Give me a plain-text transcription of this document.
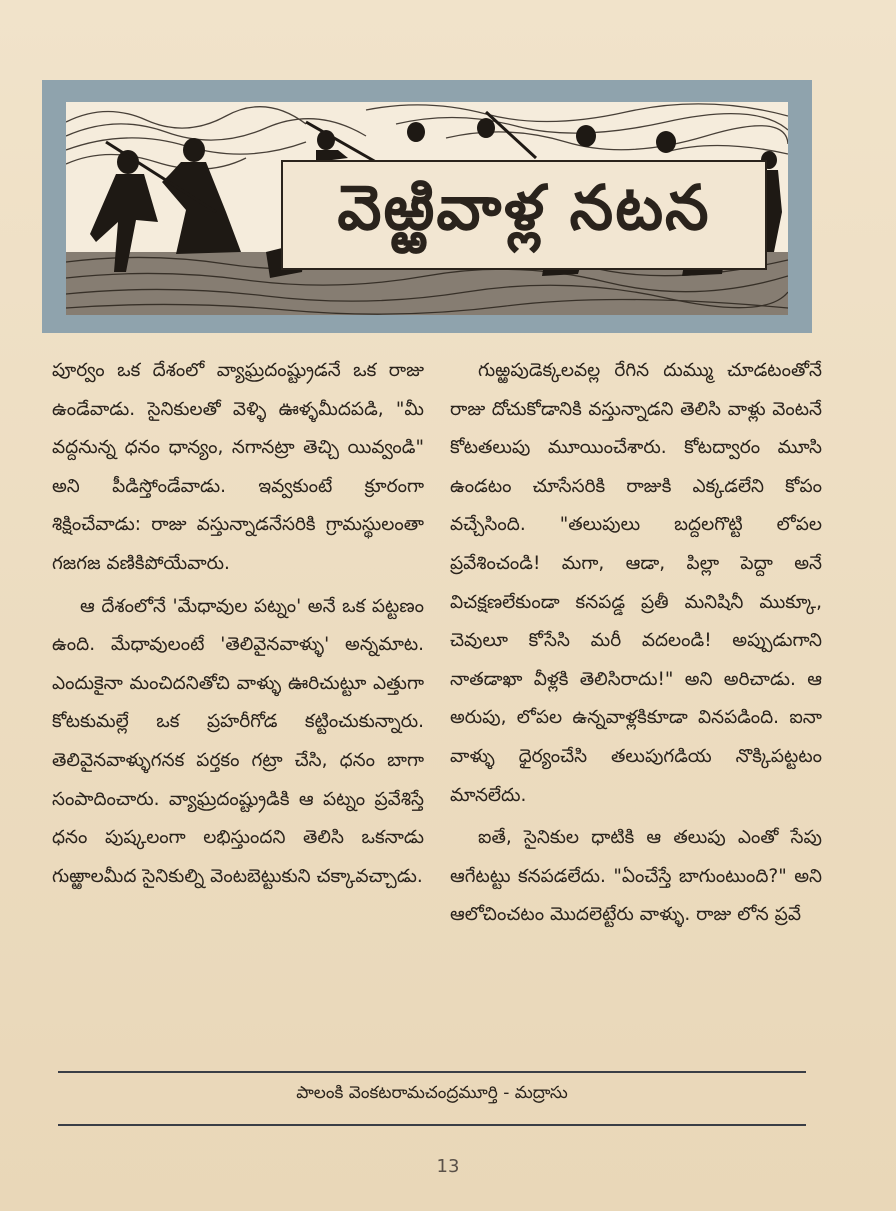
వెఱ్ఱివాళ్ల నటన

పూర్వం ఒక దేశంలో వ్యాఘ్రదంష్ట్రుడనే ఒక రాజు ఉండేవాడు. సైనికులతో వెళ్ళి ఊళ్ళమీదపడి, "మీ వద్దనున్న ధనం ధాన్యం, నగానట్రా తెచ్చి యివ్వండి" అని పీడిస్తోండేవాడు. ఇవ్వకుంటే క్రూరంగా శిక్షించేవాడు: రాజు వస్తున్నాడనేసరికి గ్రామస్థులంతా గజగజ వణికిపోయేవారు.

ఆ దేశంలోనే 'మేధావుల పట్నం' అనే ఒక పట్టణం ఉంది. మేధావులంటే 'తెలివైనవాళ్ళు' అన్నమాట. ఎందుకైనా మంచిదనితోచి వాళ్ళు ఊరిచుట్టూ ఎత్తుగా కోటకుమల్లే ఒక ప్రహరీగోడ కట్టించుకున్నారు. తెలివైనవాళ్ళుగనక పర్తకం గట్రా చేసి, ధనం బాగా సంపాదించారు. వ్యాఘ్రదంష్ట్రుడికి ఆ పట్నం ప్రవేశిస్తే ధనం పుష్కలంగా లభిస్తుందని తెలిసి ఒకనాడు గుఱ్ఱాలమీద సైనికుల్ని వెంటబెట్టుకుని చక్కావచ్చాడు.

గుఱ్ఱపుడెక్కలవల్ల రేగిన దుమ్ము చూడటంతోనే రాజు దోచుకోడానికి వస్తున్నాడని తెలిసి వాళ్లు వెంటనే కోటతలుపు మూయించేశారు. కోటద్వారం మూసి ఉండటం చూసేసరికి రాజుకి ఎక్కడలేని కోపం వచ్చేసింది. "తలుపులు బద్దలగొట్టి లోపల ప్రవేశించండి! మగా, ఆడా, పిల్లా పెద్దా అనే విచక్షణలేకుండా కనపడ్డ ప్రతీ మనిషినీ ముక్కూ, చెవులూ కోసేసి మరీ వదలండి! అప్పుడుగాని నాతడాఖా వీళ్లకి తెలిసిరాదు!" అని అరిచాడు. ఆ అరుపు, లోపల ఉన్నవాళ్లకికూడా వినపడింది. ఐనా వాళ్ళు ధైర్యంచేసి తలుపుగడియ నొక్కిపట్టటం మానలేదు.

ఐతే, సైనికుల ధాటికి ఆ తలుపు ఎంతో సేపు ఆగేటట్టు కనపడలేదు. "ఏంచేస్తే బాగుంటుంది?" అని ఆలోచించటం మొదలెట్టేరు వాళ్ళు. రాజు లోన ప్రవే

పాలంకి వెంకటరామచంద్రమూర్తి - మద్రాసు
13
